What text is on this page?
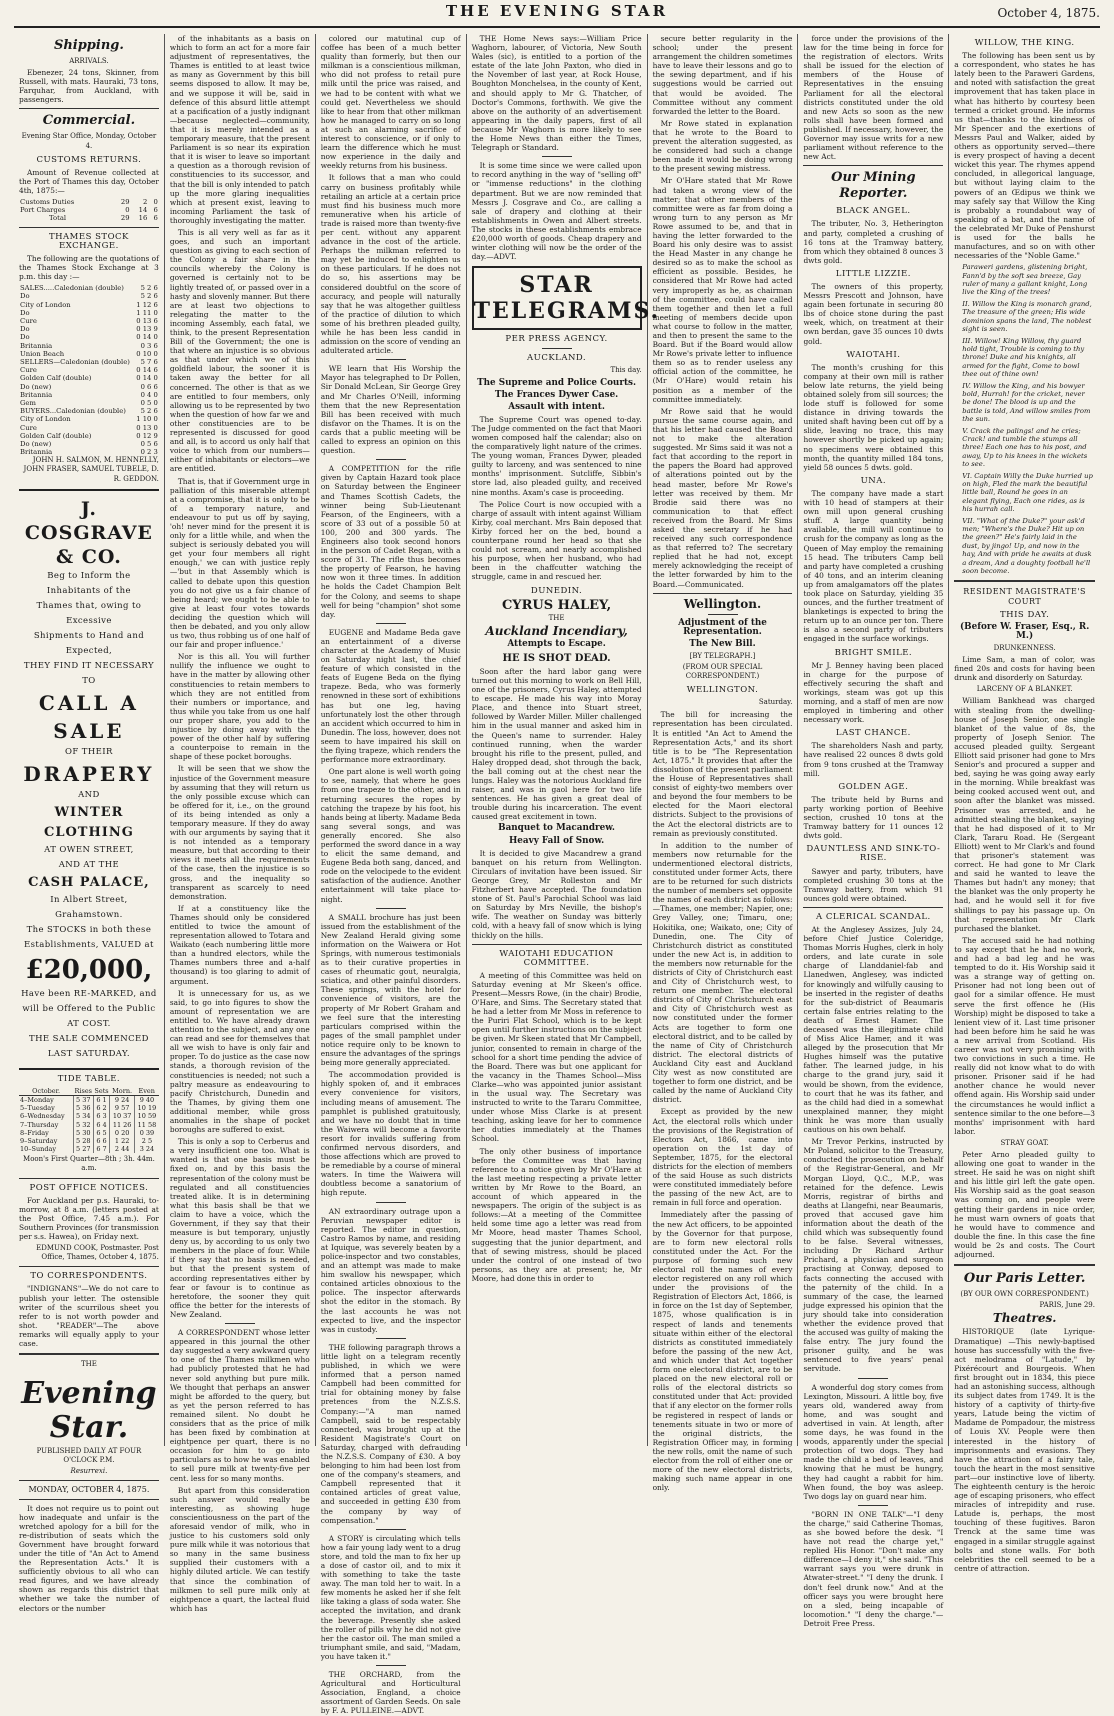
THE EVENING STAR	October 4, 1875.
Shipping.
ARRIVALS.

Ebenezer, 24 tons, Skinner, from Russell, with mats. Hauraki, 73 tons, Farquhar, from Auckland, with passengers.

Commercial.
Evening Star Office, Monday, October 4.
CUSTOMS RETURNS.

Amount of Revenue collected at the Port of Thames this day, October 4th, 1875:—

Customs Duties	29	2	0
Port Charges	0	14	6
Total	29	16	6
THAMES STOCK EXCHANGE.

The following are the quotations of the Thames Stock Exchange at 3 p.m. this day :—

SALES.....Caledonian (double)	5 2 6
Do	5 2 6
City of London	1 12 6
Do	1 11 0
Cure	0 13 6
Do	0 13 9
Do	0 14 0
Britannia	0 3 6
Union Beach	0 10 0
SELLERS—Caledonian (double)	5 7 6
Cure	0 14 6
Golden Calf (double)	0 14 0
Do (new)	0 6 6
Britannia	0 4 0
Gem	0 5 0
BUYERS...Caledonian (double)	5 2 6
City of London	1 10 0
Cure	0 13 0
Golden Calf (double)	0 12 9
Do (new)	0 5 6
Britannia	0 2 3

JOHN H. SALMON, M. HENNELLY, JOHN FRASER, SAMUEL TUBELE, D. R. GEDDON.

J. COSGRAVE & CO.
Beg to Inform the Inhabitants of the
Thames that, owing to Excessive
Shipments to Hand and
Expected,
THEY FIND IT NECESSARY TO
CALL A SALE
OF THEIR
DRAPERY
AND
WINTER CLOTHING
AT OWEN STREET,
AND AT THE
CASH PALACE,
In Albert Street, Grahamstown.
The STOCKS in both these Establishments, VALUED at
£20,000,
Have been RE-MARKED, and will be Offered to the Public
AT COST.
THE SALE COMMENCED LAST SATURDAY.
TIDE TABLE.
October.	Rises	Sets	Morn.	Even
4–Monday	5 37	6 1	9 24	9 40
5–Tuesday	5 36	6 2	9 57	10 19
6–Wednesday	5 34	6 3	10 37	10 59
7–Thursday	5 32	6 4	11 26	11 58
8–Friday	5 30	6 5	0 20	0 39
9–Saturday	5 28	6 6	1 22	2 5
10–Sunday	5 27	6 7	2 44	3 24
Moon's First Quarter—8th ; 3h. 44m. a.m.
POST OFFICE NOTICES.

For Auckland per p.s. Hauraki, to-morrow, at 8 a.m. (letters posted at the Post Office, 7.45 a.m.). For Southern Provinces (for transmission per s.s. Hawea), on Friday next.

EDMUND COOK, Postmaster. Post Office, Thames, October 4, 1875.

TO CORRESPONDENTS.

"INDIGNANS"—We do not care to publish your letter. The ostensible writer of the scurrilous sheet you refer to is not worth powder and shot. "READER"—The above remarks will equally apply to your case.

THE
Evening Star.
PUBLISHED DAILY AT FOUR O'CLOCK P.M.
Resurrexi.
MONDAY, OCTOBER 4, 1875.

It does not require us to point out how inadequate and unfair is the wretched apology for a bill for the re-distribution of seats which the Government have brought forward under the title of "An Act to Amend the Representation Acts." It is sufficiently obvious to all who can read figures, and we have already shown as regards this district that whether we take the number of electors or the number

of the inhabitants as a basis on which to form an act for a more fair adjustment of representatives, the Thames is entitled to at least twice as many as Government by this bill seems disposed to allow. It may be, and we suppose it will be, said in defence of this absurd little attempt at a pacification of a justly indignant—because neglected—community, that it is merely intended as a temporary measure, that the present Parliament is so near its expiration that it is wiser to leave so important a question as a thorough revision of constituencies to its successor, and that the bill is only intended to patch up the more glaring inequalities which at present exist, leaving to incoming Parliament the task of thoroughly investigating the matter.

This is all very well as far as it goes, and such an important question as giving to each section of the Colony a fair share in the councils whereby the Colony is governed is certainly not to be lightly treated of, or passed over in a hasty and slovenly manner. But there are at least two objections to relegating the matter to the incoming Assembly, each fatal, we think, to the present Representation Bill of the Government; the one is that where an injustice is so obvious as that under which we of this goldfield labour, the sooner it is taken away the better for all concerned. The other is that as we are entitled to four members, only allowing us to be represented by two when the question of how far we and other constituencies are to be represented is discussed for good and all, is to accord us only half that voice to which from our numbers—either of inhabitants or electors—we are entitled.

That is, that if Government urge in palliation of this miserable attempt at a compromise, that it is only to be of a temporary nature, and endeavour to put us off by saying, 'oh! never mind for the present it is only for a little while, and when the subject is seriously debated you will get your four members all right enough,' we can with justice reply—'but in that Assembly which is called to debate upon this question you do not give us a fair chance of being heard; we ought to be able to give at least four votes towards deciding the question which will then be debated, and you only allow us two, thus robbing us of one half of our fair and proper influence.'

Nor is this all. You will further nullify the influence we ought to have in the matter by allowing other constituencies to retain members to which they are not entitled from their numbers or importance, and thus while you take from us one half our proper share, you add to the injustice by doing away with the power of the other half by suffering a counterpoise to remain in the shape of these pocket boroughs.

It will be seen that we show the injustice of the Government measure by assuming that they will return us the only possible excuse which can be offered for it, i.e., on the ground of its being intended as only a temporary measure. If they do away with our arguments by saying that it is not intended as a temporary measure, but that according to their views it meets all the requirements of the case, then the injustice is so gross, and the inequality so transparent as scarcely to need demonstration.

If at a constituency like the Thames should only be considered entitled to twice the amount of representation allowed to Totara and Waikato (each numbering little more than a hundred electors, while the Thames numbers three and a-half thousand) is too glaring to admit of argument.

It is unnecessary for us, as we said, to go into figures to show the amount of representation we are entitled to. We have already drawn attention to the subject, and any one can read and see for themselves that all we wish to have is only fair and proper. To do justice as the case now stands, a thorough revision of the constituencies is needed; not such a paltry measure as endeavouring to pacify Christchurch, Dunedin and the Thames, by giving them one additional member, while gross anomalies in the shape of pocket boroughs are suffered to exist.

This is only a sop to Cerberus and a very insufficient one too. What is wanted is that one basis must be fixed on, and by this basis the representation of the colony must be regulated and all constituencies treated alike. It is in determining what this basis shall be that we claim to have a voice, which the Government, if they say that their measure is but temporary, unjustly deny us, by according to us only two members in the place of four. While if they say that no basis is needed, but that the present system of according representatives either by fear or favour is to continue as heretofore, the sooner they quit office the better for the interests of New Zealand.

A CORRESPONDENT whose letter appeared in this journal the other day suggested a very awkward query to one of the Thames milkmen who had publicly protested that he had never sold anything but pure milk. We thought that perhaps an answer might be afforded to the query, but as yet the person referred to has remained silent. No doubt he considers that as the price of milk has been fixed by combination at eightpence per quart, there is no occasion for him to go into particulars as to how he was enabled to sell pure milk at twenty-five per cent. less for so many months.

But apart from this consideration such answer would really be interesting, as showing huge conscientiousness on the part of the aforesaid vendor of milk, who in justice to his customers sold only pure milk while it was notorious that so many in the same business supplied their customers with a highly diluted article. We can testify that since the combination of milkmen to sell pure milk only at eightpence a quart, the lacteal fluid which has

colored our matutinal cup of coffee has been of a much better quality than formerly, but then our milkman is a conscientious milkman, who did not profess to retail pure milk until the price was raised, and we had to be content with what we could get. Nevertheless we should like to hear from that other milkman how he managed to carry on so long at such an alarming sacrifice of interest to conscience, or if only to learn the difference which he must now experience in the daily and weekly returns from his business.

It follows that a man who could carry on business profitably while retailing an article at a certain price must find his business much more remunerative when his article of trade is raised more than twenty-five per cent. without any apparent advance in the cost of the article. Perhaps the milkman referred to may yet be induced to enlighten us on these particulars. If he does not do so, his assertions may be considered doubtful on the score of accuracy, and people will naturally say that he was altogether guiltless of the practice of dilution to which some of his brethren pleaded guilty, while he has been less candid in admission on the score of vending an adulterated article.

WE learn that His Worship the Mayor has telegraphed to Dr Pollen, Sir Donald McLean, Sir George Grey and Mr Charles O'Neill, informing them that the new Representation Bill has been received with much disfavor on the Thames. It is on the cards that a public meeting will be called to express an opinion on this question.

A COMPETITION for the rifle given by Captain Hazard took place on Saturday between the Engineer and Thames Scottish Cadets, the winner being Sub-Lieutenant Fearson, of the Engineers, with a score of 33 out of a possible 50 at 100, 200 and 300 yards. The Engineers also took second honors in the person of Cadet Regan, with a score of 31. The rifle thus becomes the property of Fearson, he having now won it three times. In addition he holds the Cadet Champion Belt for the Colony, and seems to shape well for being "champion" shot some day.

EUGENE and Madame Beda gave an entertainment of a diverse character at the Academy of Music on Saturday night last, the chief feature of which consisted in the feats of Eugene Beda on the flying trapeze. Beda, who was formerly renowned in these sort of exhibitions has but one leg, having unfortunately lost the other through an accident which occurred to him in Dunedin. The loss, however, does not seem to have impaired his skill on the flying trapeze, which renders the performance more extraordinary.

One part alone is well worth going to see, namely, that where he goes from one trapeze to the other, and in returning secures the ropes by catching the trapeze by his foot, his hands being at liberty. Madame Beda sang several songs, and was generally encored. She also performed the sword dance in a way to elicit the same demand, and Eugene Beda both sang, danced, and rode on the velocipede to the evident satisfaction of the audience. Another entertainment will take place to-night.

A SMALL brochure has just been issued from the establishment of the New Zealand Herald giving some information on the Waiwera or Hot Springs, with numerous testimonials as to their curative properties in cases of rheumatic gout, neuralgia, sciatica, and other painful disorders. These springs, with the hotel for convenience of visitors, are the property of Mr Robert Graham and we feel sure that the interesting particulars comprised within the pages of the small pamphlet under notice require only to be known to ensure the advantages of the springs being more generally appreciated.

The accommodation provided is highly spoken of, and it embraces every convenience for visitors, including means of amusement. The pamphlet is published gratuitously, and we have no doubt that in time the Waiwera will become a favorite resort for invalids suffering from confirmed nervous disorders, and those affections which are proved to be remediable by a course of mineral waters. In time the Waiwera will doubtless become a sanatorium of high repute.

AN extraordinary outrage upon a Peruvian newspaper editor is reported. The editor in question, Castro Ramos by name, and residing at Iquique, was severely beaten by a police-inspector and two constables, and an attempt was made to make him swallow his newspaper, which contained articles obnoxious to the police. The inspector afterwards shot the editor in the stomach. By the last accounts he was not expected to live, and the inspector was in custody.

THE following paragraph throws a little light on a telegram recently published, in which we were informed that a person named Campbell had been committed for trial for obtaining money by false pretences from the N.Z.S.S. Company:—"A man named Campbell, said to be respectably connected, was brought up at the Resident Magistrate's Court on Saturday, charged with defrauding the N.Z.S.S. Company of £30. A boy belonging to him had been lost from one of the company's steamers, and Campbell represented that it contained articles of great value, and succeeded in getting £30 from the company by way of compensation."

A STORY is circulating which tells how a fair young lady went to a drug store, and told the man to fix her up a dose of castor oil, and to mix it with something to take the taste away. The man told her to wait. In a few moments he asked her if she felt like taking a glass of soda water. She accepted the invitation, and drank the beverage. Presently she asked the roller of pills why he did not give her the castor oil. The man smiled a triumphant smile, and said, "Madam, you have taken it."

THE ORCHARD, from the Agricultural and Horticultural Association, England, a choice assortment of Garden Seeds. On sale by F. A. PULLEINE.—ADVT.

THE Home News says:—William Price Waghorn, labourer, of Victoria, New South Wales (sic), is entitled to a portion of the estate of the late John Paxton, who died in the November of last year, at Rock House, Boughton Monchelsea, in the county of Kent, and should apply to Mr G. Thatcher, of Doctor's Commons, forthwith. We give the above on the authority of an advertisement appearing in the daily papers, first of all because Mr Waghorn is more likely to see the Home News than either the Times, Telegraph or Standard.

It is some time since we were called upon to record anything in the way of "selling off" or "immense reductions" in the clothing department. But we are now reminded that Messrs J. Cosgrave and Co., are calling a sale of drapery and clothing at their establishments in Owen and Albert streets. The stocks in these establishments embrace £20,000 worth of goods. Cheap drapery and winter clothing will now be the order of the day.—ADVT.

STAR TELEGRAMS.
PER PRESS AGENCY.
AUCKLAND.
This day.
The Supreme and Police Courts.
The Frances Dywer Case.
Assault with intent.

The Supreme Court was opened to-day. The Judge commented on the fact that Maori women composed half the calendar; also on the comparatively light nature of the crimes. The young woman, Frances Dywer, pleaded guilty to larceny, and was sentenced to nine months' imprisonment. Sutcliffe, Sibbin's store lad, also pleaded guilty, and received nine months. Axam's case is proceeding.

The Police Court is now occupied with a charge of assault with intent against William Kirby, coal merchant. Mrs Bain deposed that Kirby forced her on the bed, bound a counterpane round her head so that she could not scream, and nearly accomplished his purpose, when her husband, who had been in the chaffcutter watching the struggle, came in and rescued her.

DUNEDIN.
CYRUS HALEY,
THE
Auckland Incendiary,
Attempts to Escape.
HE IS SHOT DEAD.

Soon after the hard labor gang were turned out this morning to work on Bell Hill, one of the prisoners, Cyrus Haley, attempted to escape. He made his way into Moray Place, and thence into Stuart street, followed by Warder Miller. Miller challenged him in the usual manner and asked him in the Queen's name to surrender. Haley continued running, when the warder brought his rifle to the present, pulled, and Haley dropped dead, shot through the back, the ball coming out at the chest near the lungs. Haley was the notorious Auckland fire raiser, and was in gaol here for two life sentences. He has given a great deal of trouble during his incarceration. The event caused great excitement in town.

Banquet to Macandrew.
Heavy Fall of Snow.

It is decided to give Macandrew a grand banquet on his return from Wellington. Circulars of invitation have been issued. Sir George Grey, Mr Rolleston and Mr Fitzherbert have accepted. The foundation stone of St. Paul's Parochial School was laid on Saturday by Mrs Neville, the bishop's wife. The weather on Sunday was bitterly cold, with a heavy fall of snow which is lying thickly on the hills.

WAIOTAHI EDUCATION COMMITTEE.

A meeting of this Committee was held on Saturday evening at Mr Skeen's office. Present—Messrs Rowe, (in the chair) Brodie, O'Hare, and Sims. The Secretary stated that he had a letter from Mr Moss in reference to the Puriri Flat School, which is to be kept open until further instructions on the subject be given. Mr Skeen stated that Mr Campbell, junior, consented to remain in charge of the school for a short time pending the advice of the Board. There was but one applicant for the vacancy in the Thames School—Miss Clarke—who was appointed junior assistant in the usual way. The Secretary was instructed to write to the Tararu Committee, under whose Miss Clarke is at present teaching, asking leave for her to commence her duties immediately at the Thames School.

The only other business of importance before the Committee was that having reference to a notice given by Mr O'Hare at the last meeting respecting a private letter written by Mr Rowe to the Board, an account of which appeared in the newspapers. The origin of the subject is as follows:—At a meeting of the Committee held some time ago a letter was read from Mr Moore, head master Thames School, suggesting that the junior department, and that of sewing mistress, should be placed under the control of one instead of two persons, as they are at present; he, Mr Moore, had done this in order to

secure better regularity in the school; under the present arrangement the children sometimes have to leave their lessons and go to the sewing department, and if his suggestions would be carried out that would be avoided. The Committee without any comment forwarded the letter to the Board.

Mr Rowe stated in explanation that he wrote to the Board to prevent the alteration suggested, as he considered had such a change been made it would be doing wrong to the present sewing mistress.

Mr O'Hare stated that Mr Rowe had taken a wrong view of the matter; that other members of the committee were as far from doing a wrong turn to any person as Mr Rowe assumed to be, and that in having the letter forwarded to the Board his only desire was to assist the Head Master in any change he desired so as to make the school as efficient as possible. Besides, he considered that Mr Rowe had acted very improperly as he, as chairman of the committee, could have called them together and then let a full meeting of members decide upon what course to follow in the matter, and then to present the same to the Board. But if the Board would allow Mr Rowe's private letter to influence them so as to render useless any official action of the committee, he (Mr O'Hare) would retain his position as a member of the committee immediately.

Mr Rowe said that he would pursue the same course again, and that his letter had caused the Board not to make the alteration suggested. Mr Sims said it was not a fact that according to the report in the papers the Board had approved of alterations pointed out by the head master, before Mr Rowe's letter was received by them. Mr Brodie said there was no communication to that effect received from the Board. Mr Sims asked the secretary if he had received any such correspondence as that referred to? The secretary replied that he had not, except merely acknowledging the receipt of the letter forwarded by him to the Board.—Communicated.

Wellington.
Adjustment of the Representation.
The New Bill.
[BY TELEGRAPH.]
(FROM OUR SPECIAL CORRESPONDENT.)
WELLINGTON.
Saturday.

The bill for increasing the representation has been circulated. It is entitled "An Act to Amend the Representation Acts," and its short title is to be "The Representation Act, 1875." It provides that after the dissolution of the present parliament the House of Representatives shall consist of eighty-two members over and beyond the four members to be elected for the Maori electoral districts. Subject to the provisions of the Act the electoral districts are to remain as previously constituted.

In addition to the number of members now returnable for the undermentioned electoral districts, constituted under former Acts, there are to be returned for such districts the number of members set opposite the names of each district as follows:—Thames, one member; Napier, one; Grey Valley, one; Timaru, one; Hokitika, one; Waikato, one; City of Dunedin, one. The City of Christchurch district as constituted under the new Act is, in addition to the members now returnable for the districts of City of Christchurch east and City of Christchurch west, to return one member. The electoral districts of City of Christchurch east and City of Christchurch west as now constituted under the former Acts are together to form one electoral district, and to be called by the name of City of Christchurch district. The electoral districts of Auckland City east and Auckland City west as now constituted are together to form one district, and be called by the name of Auckland City district.

Except as provided by the new Act, the electoral rolls which under the provisions of the Registration of Electors Act, 1866, came into operation on the 1st day of September, 1875, for the electoral districts for the election of members of the said House as such districts were constituted immediately before the passing of the new Act, are to remain in full force and operation.

Immediately after the passing of the new Act officers, to be appointed by the Governor for that purpose, are to form new electoral rolls constituted under the Act. For the purpose of forming such new electoral roll the names of every elector registered on any roll which under the provisions of the Registration of Electors Act, 1866, is in force on the 1st day of September, 1875, whose qualification is in respect of lands and tenements situate within either of the electoral districts as constituted immediately before the passing of the new Act, and which under that Act together form one electoral district, are to be placed on the new electoral roll or rolls of the electoral districts so constituted under that Act: provided that if any elector on the former rolls be registered in respect of lands or tenements situate in two or more of the original districts, the Registration Officer may, in forming the new rolls, omit the name of such elector from the roll of either one or more of the new electoral districts, making such name appear in one only.

force under the provisions of the law for the time being in force for the registration of electors. Writs shall be issued for the election of members of the House of Representatives in the ensuing Parliament for all the electoral districts constituted under the old and new Acts so soon as the new rolls shall have been formed and published. If necessary, however, the Governor may issue writs for a new parliament without reference to the new Act.

Our Mining Reporter.
BLACK ANGEL.

The tributer, No. 3, Hetherington and party, completed a crushing of 16 tons at the Tramway battery, from which they obtained 8 ounces 3 dwts gold.

LITTLE LIZZIE.

The owners of this property, Messrs Prescott and Johnson, have again been fortunate in securing 80 lbs of choice stone during the past week, which, on treatment at their own berdan, gave 35 ounces 10 dwts gold.

WAIOTAHI.

The month's crushing for this company at their own mill is rather below late returns, the yield being obtained solely from sill sources; the lode stuff is followed for some distance in driving towards the united shaft having been cut off by a slide, leaving no trace, this may however shortly be picked up again; no specimens were obtained this month, the quantity milled 184 tons, yield 58 ounces 5 dwts. gold.

UNA.

The company have made a start with 10 head of stampers at their own mill upon general crushing stuff. A large quantity being available, the mill will continue to crush for the company as long as the Queen of May employ the remaining 15 head. The tributers Camp bell and party have completed a crushing of 40 tons, and an interim cleaning up from amalgamators off the plates took place on Saturday, yielding 35 ounces, and the further treatment of blanketings is expected to bring the return up to an ounce per ton. There is also a second party of tributers engaged in the surface workings.

BRIGHT SMILE.

Mr J. Benney having been placed in charge for the purpose of effectively securing the shaft and workings, steam was got up this morning, and a staff of men are now employed in timbering and other necessary work.

LAST CHANCE.

The shareholders Nash and party, have realised 22 ounces 8 dwts gold from 9 tons crushed at the Tramway mill.

GOLDEN AGE.

The tribute held by Burns and party working portion of Beehive section, crushed 10 tons at the Tramway battery for 11 ounces 12 dwts gold.

DAUNTLESS AND SINK-TO-RISE.

Sawyer and party, tributers, have completed crushing 30 tons at the Tramway battery, from which 91 ounces gold were obtained.

A CLERICAL SCANDAL.

At the Anglesey Assizes, July 24, before Chief Justice Coleridge, Thomas Morris Hughes, clerk in holy orders, and late curate in sole charge of Llanddaniel-fab and Llanedwen, Anglesey, was indicted for knowingly and wilfully causing to be inserted in the register of deaths for the sub-district of Beaumaris certain false entries relating to the death of Ernest Hamer. The deceased was the illegitimate child of Miss Alice Hamer, and it was alleged by the prosecution that Mr Hughes himself was the putative father. The learned judge, in his charge to the grand jury, said it would be shown, from the evidence, to court that he was its father, and as the child had died in a somewhat unexplained manner, they might think he was more than usually cautious on his own behalf.

Mr Trevor Perkins, instructed by Mr Poland, solicitor to the Treasury, conducted the prosecution on behalf of the Registrar-General, and Mr Morgan Lloyd, Q.C., M.P., was retained for the defence. Lewis Morris, registrar of births and deaths at Llangefni, near Beaumaris, proved that accused gave him information about the death of the child which was subsequently found to be false. Several witnesses, including Dr Richard Arthur Prichard, a physician and surgeon practising at Conway, deposed to facts connecting the accused with the paternity of the child. In a summary of the case, the learned judge expressed his opinion that the jury should take into consideration whether the evidence proved that the accused was guilty of making the false entry. The jury found the prisoner guilty, and he was sentenced to five years' penal servitude.

A wonderful dog story comes from Lexington, Missouri. A little boy, five years old, wandered away from home, and was sought and advertised in vain. At length, after some days, he was found in the woods, apparently under the special protection of two dogs. They had made the child a bed of leaves, and knowing that he must be hungry, they had caught a rabbit for him. When found, the boy was asleep. Two dogs lay on guard near him.

"BORN IN ONE TALK"—"I deny the charge," said Catherine Thomas, as she bowed before the desk. "I have not read the charge yet," replied His Honor. "Don't make any difference—I deny it," she said. "This warrant says you were drunk in Atwater-street." "I deny the drunk. I don't feel drunk now." And at the officer says you were brought here on a sled, being incapable of locomotion." "I deny the charge."—Detroit Free Press.

WILLOW, THE KING.

The following has been sent us by a correspondent, who states he has lately been to the Paraweri Gardens, and noted with satisfaction the great improvement that has taken place in what has hitherto by courtesy been termed a cricket ground. He informs us that—thanks to the kindness of Mr Spencer and the exertions of Messrs Paul and Walker, aided by others as opportunity served—there is every prospect of having a decent wicket this year. The rhymes append concluded, in allegorical language, but without laying claim to the powers of an Œdipus we think we may safely say that Willow the King is probably a roundabout way of speaking of a bat, and the name of the celebrated Mr Duke of Penshurst is used for the balls he manufactures, and so on with other necessaries of the "Noble Game."

Paraweri gardens, glistening bright, Fann'd by the soft sea breeze, Gay ruler of many a gallant knight, Long live the King of the trees!
II. Willow the King is monarch grand, The treasure of the green; His wide dominion spans the land, The noblest sight is seen.
III. Willow! King Willow, thy guard hold tight, Trouble is coming to thy throne! Duke and his knights, all armed for the fight, Come to bowl thee out of thine own!
IV. Willow the King, and his bowyer bold, Hurrah! for the cricket, never be done! The blood is up and the battle is told, And willow smiles from the sun.
V. Crack the palings! and he cries; Crack! and tumble the stumps all three! Each one has to his post, and away, Up to his knees in the wickets to see.
VI. Captain Willy the Duke hurried up on high, Fled the mark the beautiful little ball, Round he goes in an elegant flying, Each one rides, as is his hurrah call.
VII. "What of the Duke?" your ask'd men; "Where's the Duke? Hit up on the green?" He's fairly laid in the dust, by jingo! Up, and now in the hay, And with pride he awaits at dusk a dream, And a doughty football he'll soon become.
RESIDENT MAGISTRATE'S COURT
THIS DAY.
(Before W. Fraser, Esq., R. M.)
DRUNKENNESS.

Lime Sam, a man of color, was fined 20s and costs for having been drunk and disorderly on Saturday.

LARCENY OF A BLANKET.

William Bankhead was charged with stealing from the dwelling-house of Joseph Senior, one single blanket of the value of 8s, the property of Joseph Senior. The accused pleaded guilty. Sergeant Elliott said prisoner had gone to Mrs Senior's and procured a supper and bed, saying he was going away early in the morning. While breakfast was being cooked accused went out, and soon after the blanket was missed. Prisoner was arrested, and he admitted stealing the blanket, saying that he had disposed of it to Mr Clark, Tararu Road. He (Sergeant Elliott) went to Mr Clark's and found that prisoner's statement was correct. He had gone to Mr Clark and said he wanted to leave the Thames but hadn't any money; that the blanket was the only property he had, and he would sell it for five shillings to pay his passage up. On that representation Mr Clark purchased the blanket.

The accused said he had nothing to say except that he had no work, and had a bad leg and he was tempted to do it. His Worship said it was a strange way of getting on. Prisoner had not long been out of gaol for a similar offence. He must serve the first offence he (His Worship) might be disposed to take a lenient view of it. Last time prisoner had been before him he said he was a new arrival from Scotland. His career was not very promising with two convictions in such a time. He really did not know what to do with prisoner. Prisoner said if he had another chance he would never offend again. His Worship said under the circumstances he would inflict a sentence similar to the one before—3 months' imprisonment with hard labor.

STRAY GOAT.

Peter Arno pleaded guilty to allowing one goat to wander in the street. He said he was on night shift and his little girl left the gate open. His Worship said as the goat season was coming on, and people were getting their gardens in nice order, he must warn owners of goats that he would have to commence and double the fine. In this case the fine would be 2s and costs. The Court adjourned.

Our Paris Letter.
(BY OUR OWN CORRESPONDENT.)
PARIS, June 29.
Theatres.

HISTORIQUE (late Lyrique-Dramatique) —This newly-baptised house has successfully with the five-act melodrama of "Latude," by Pixérécourt and Bourgeois. When first brought out in 1834, this piece had an astonishing success, although its subject dates from 1749. It is the history of a captivity of thirty-five years, Latude being the victim of Madame de Pompadour, the mistress of Louis XV. People were then interested in the history of imprisonments and evasions. They have the attraction of a fairy tale, touch the heart in the most sensitive part—our instinctive love of liberty. The eighteenth century is the heroic age of escaping prisoners, who effect miracles of intrepidity and ruse. Latude is, perhaps, the most touching of these fugitives. Baron Trenck at the same time was engaged in a similar struggle against bolts and stone walls. For both celebrities the cell seemed to be a centre of attraction.
